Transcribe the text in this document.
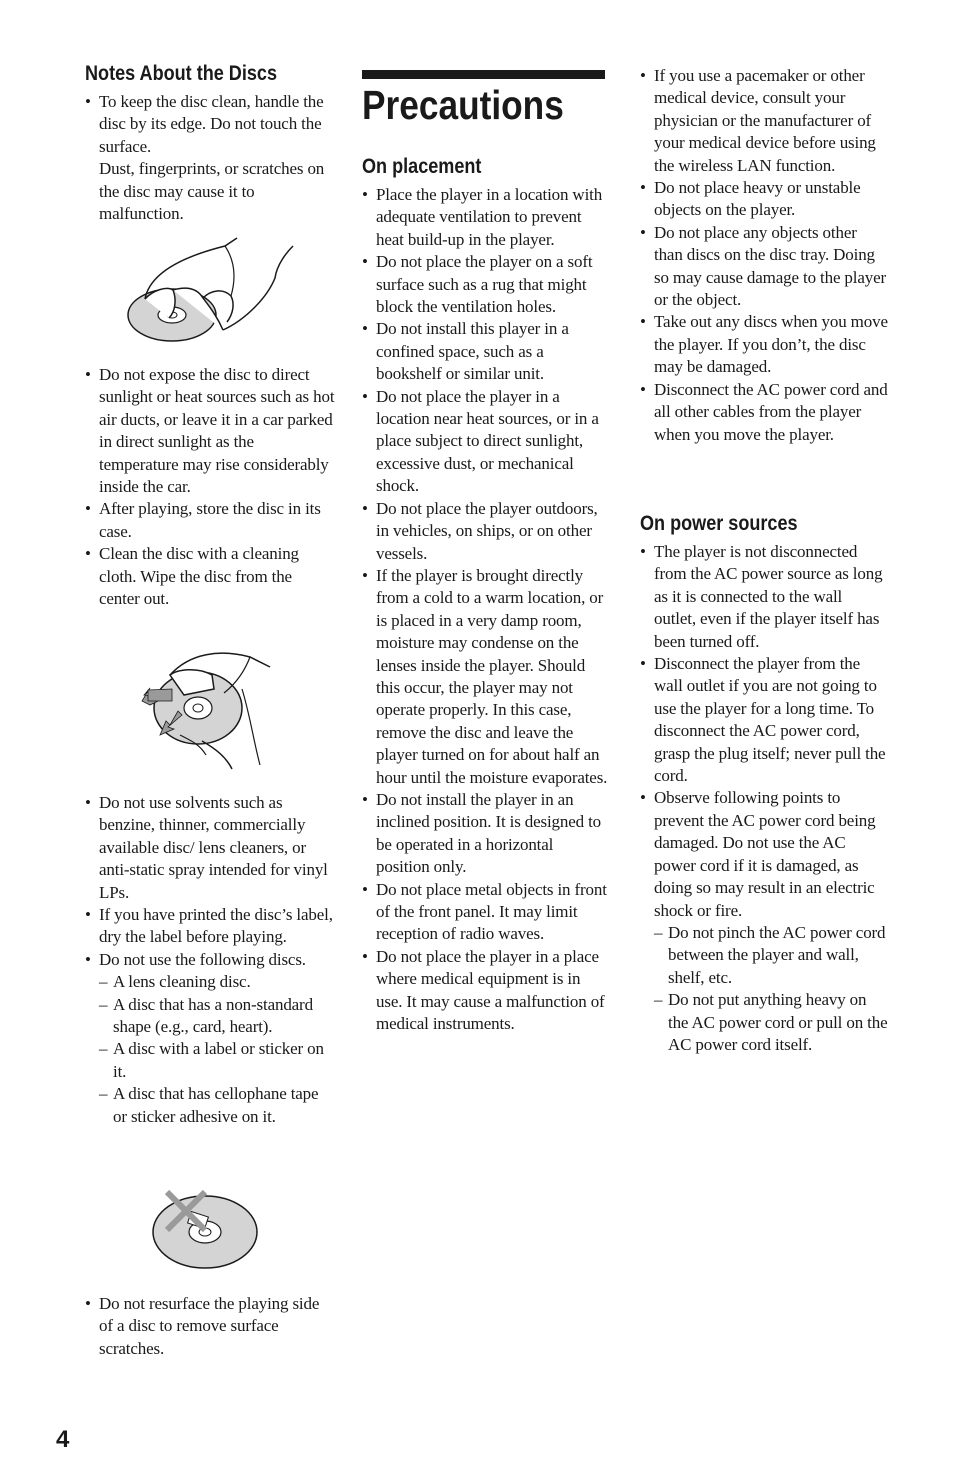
Notes About the Discs
• To keep the disc clean, handle the disc by its edge. Do not touch the surface.
Dust, fingerprints, or scratches on the disc may cause it to malfunction.
• Do not expose the disc to direct sunlight or heat sources such as hot air ducts, or leave it in a car parked in direct sunlight as the temperature may rise considerably inside the car.
• After playing, store the disc in its case.
• Clean the disc with a cleaning cloth. Wipe the disc from the center out.
• Do not use solvents such as benzine, thinner, commercially available disc/ lens cleaners, or anti-static spray intended for vinyl LPs.
• If you have printed the disc’s label, dry the label before playing.
• Do not use the following discs.
– A lens cleaning disc.
– A disc that has a non-standard shape (e.g., card, heart).
– A disc with a label or sticker on it.
– A disc that has cellophane tape or sticker adhesive on it.
• Do not resurface the playing side of a disc to remove surface scratches.
Precautions
On placement
• Place the player in a location with adequate ventilation to prevent heat build-up in the player.
• Do not place the player on a soft surface such as a rug that might block the ventilation holes.
• Do not install this player in a confined space, such as a bookshelf or similar unit.
• Do not place the player in a location near heat sources, or in a place subject to direct sunlight, excessive dust, or mechanical shock.
• Do not place the player outdoors, in vehicles, on ships, or on other vessels.
• If the player is brought directly from a cold to a warm location, or is placed in a very damp room, moisture may condense on the lenses inside the player. Should this occur, the player may not operate properly. In this case, remove the disc and leave the player turned on for about half an hour until the moisture evaporates.
• Do not install the player in an inclined position. It is designed to be operated in a horizontal position only.
• Do not place metal objects in front of the front panel. It may limit reception of radio waves.
• Do not place the player in a place where medical equipment is in use. It may cause a malfunction of medical instruments.
• If you use a pacemaker or other medical device, consult your physician or the manufacturer of your medical device before using the wireless LAN function.
• Do not place heavy or unstable objects on the player.
• Do not place any objects other than discs on the disc tray. Doing so may cause damage to the player or the object.
• Take out any discs when you move the player. If you don’t, the disc may be damaged.
• Disconnect the AC power cord and all other cables from the player when you move the player.
On power sources
• The player is not disconnected from the AC power source as long as it is connected to the wall outlet, even if the player itself has been turned off.
• Disconnect the player from the wall outlet if you are not going to use the player for a long time. To disconnect the AC power cord, grasp the plug itself; never pull the cord.
• Observe following points to prevent the AC power cord being damaged. Do not use the AC power cord if it is damaged, as doing so may result in an electric shock or fire.
– Do not pinch the AC power cord between the player and wall, shelf, etc.
– Do not put anything heavy on the AC power cord or pull on the AC power cord itself.
4
